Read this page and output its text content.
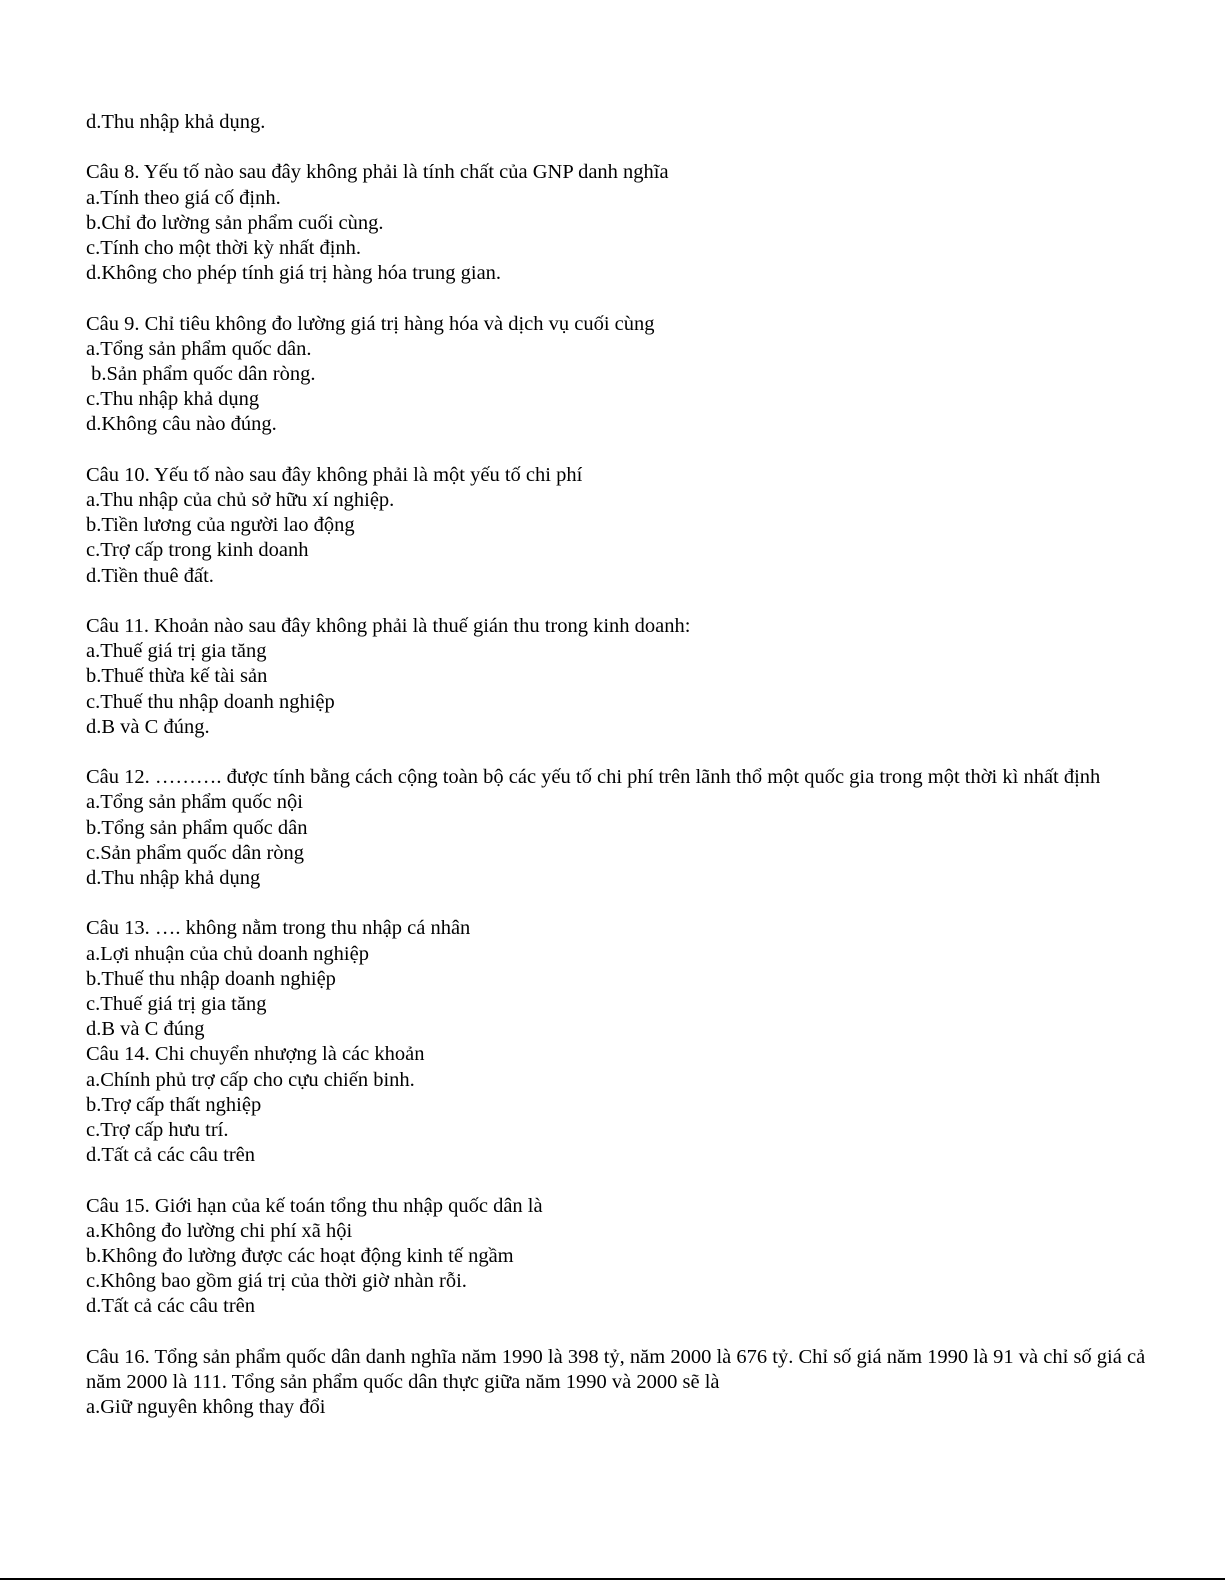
d.Thu nhập khả dụng.

Câu 8. Yếu tố nào sau đây không phải là tính chất của GNP danh nghĩa

a.Tính theo giá cố định.

b.Chỉ đo lường sản phẩm cuối cùng.

c.Tính cho một thời kỳ nhất định.

d.Không cho phép tính giá trị hàng hóa trung gian.

Câu 9. Chỉ tiêu không đo lường giá trị hàng hóa và dịch vụ cuối cùng

a.Tổng sản phẩm quốc dân.

b.Sản phẩm quốc dân ròng.

c.Thu nhập khả dụng

d.Không câu nào đúng.

Câu 10. Yếu tố nào sau đây không phải là một yếu tố chi phí

a.Thu nhập của chủ sở hữu xí nghiệp.

b.Tiền lương của người lao động

c.Trợ cấp trong kinh doanh

d.Tiền thuê đất.

Câu 11. Khoản nào sau đây không phải là thuế gián thu trong kinh doanh:

a.Thuế giá trị gia tăng

b.Thuế thừa kế tài sản

c.Thuế thu nhập doanh nghiệp

d.B và C đúng.

Câu 12. ………. được tính bằng cách cộng toàn bộ các yếu tố chi phí trên lãnh thổ một quốc gia trong một thời kì nhất định

a.Tổng sản phẩm quốc nội

b.Tổng sản phẩm quốc dân

c.Sản phẩm quốc dân ròng

d.Thu nhập khả dụng

Câu 13. …. không nằm trong thu nhập cá nhân

a.Lợi nhuận của chủ doanh nghiệp

b.Thuế thu nhập doanh nghiệp

c.Thuế giá trị gia tăng

d.B và C đúng

Câu 14. Chi chuyển nhượng là các khoản

a.Chính phủ trợ cấp cho cựu chiến binh.

b.Trợ cấp thất nghiệp

c.Trợ cấp hưu trí.

d.Tất cả các câu trên

Câu 15. Giới hạn của kế toán tổng thu nhập quốc dân là

a.Không đo lường chi phí xã hội

b.Không đo lường được các hoạt động kinh tế ngầm

c.Không bao gồm giá trị của thời giờ nhàn rỗi.

d.Tất cả các câu trên

Câu 16. Tổng sản phẩm quốc dân danh nghĩa năm 1990 là 398 tỷ, năm 2000 là 676 tỷ. Chỉ số giá năm 1990 là 91 và chỉ số giá cả năm 2000 là 111. Tổng sản phẩm quốc dân thực giữa năm 1990 và 2000 sẽ là

a.Giữ nguyên không thay đổi
